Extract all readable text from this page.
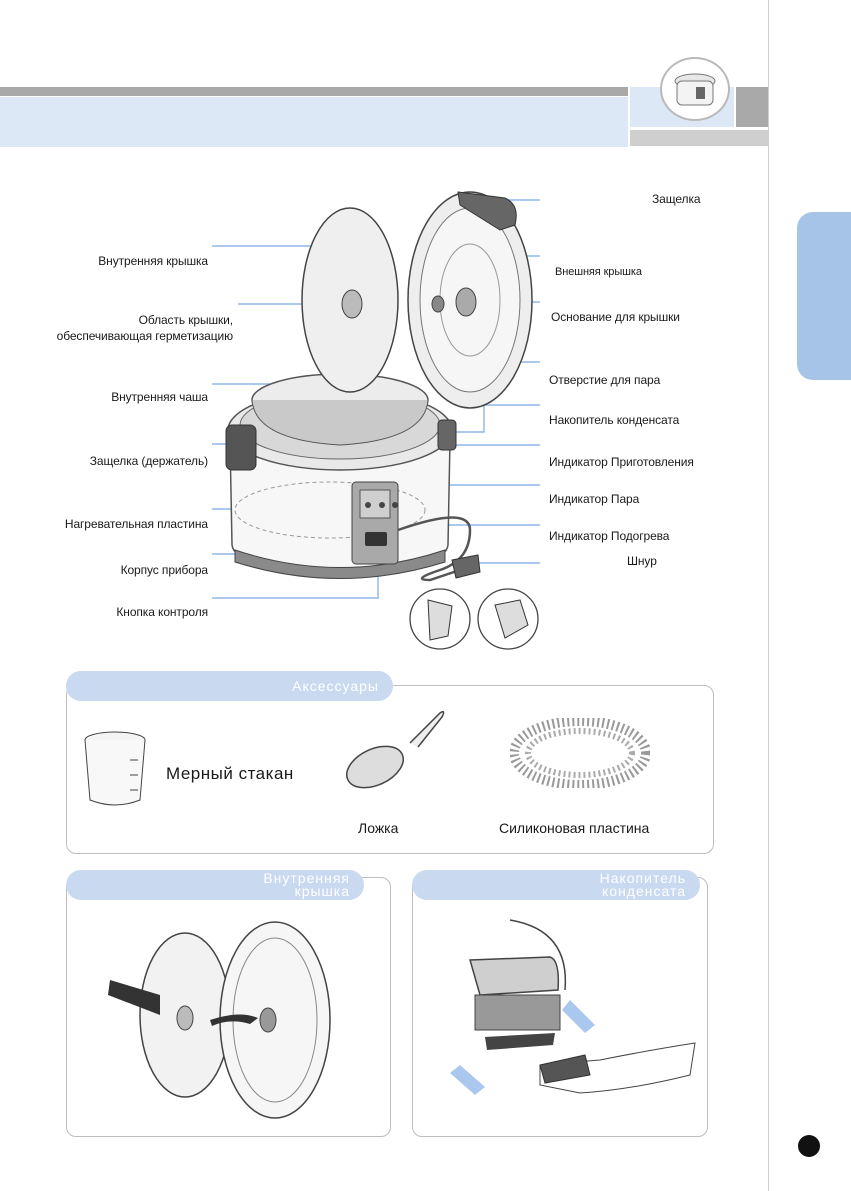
Внутренняя крышка
Область крышки,
обеспечивающая герметизацию
Внутренняя чаша
Защелка (держатель)
Нагревательная пластина
Корпус прибора
Кнопка контроля
Защелка
Внешняя крышка
Основание для крышки
Отверстие для пара
Накопитель конденсата
Индикатор Приготовления
Индикатор Пара
Индикатор Подогрева
Шнур
Аксессуары
Мерный стакан
Ложка	Силиконовая пластина
Внутренняя
крышка
Накопитель
конденсата
